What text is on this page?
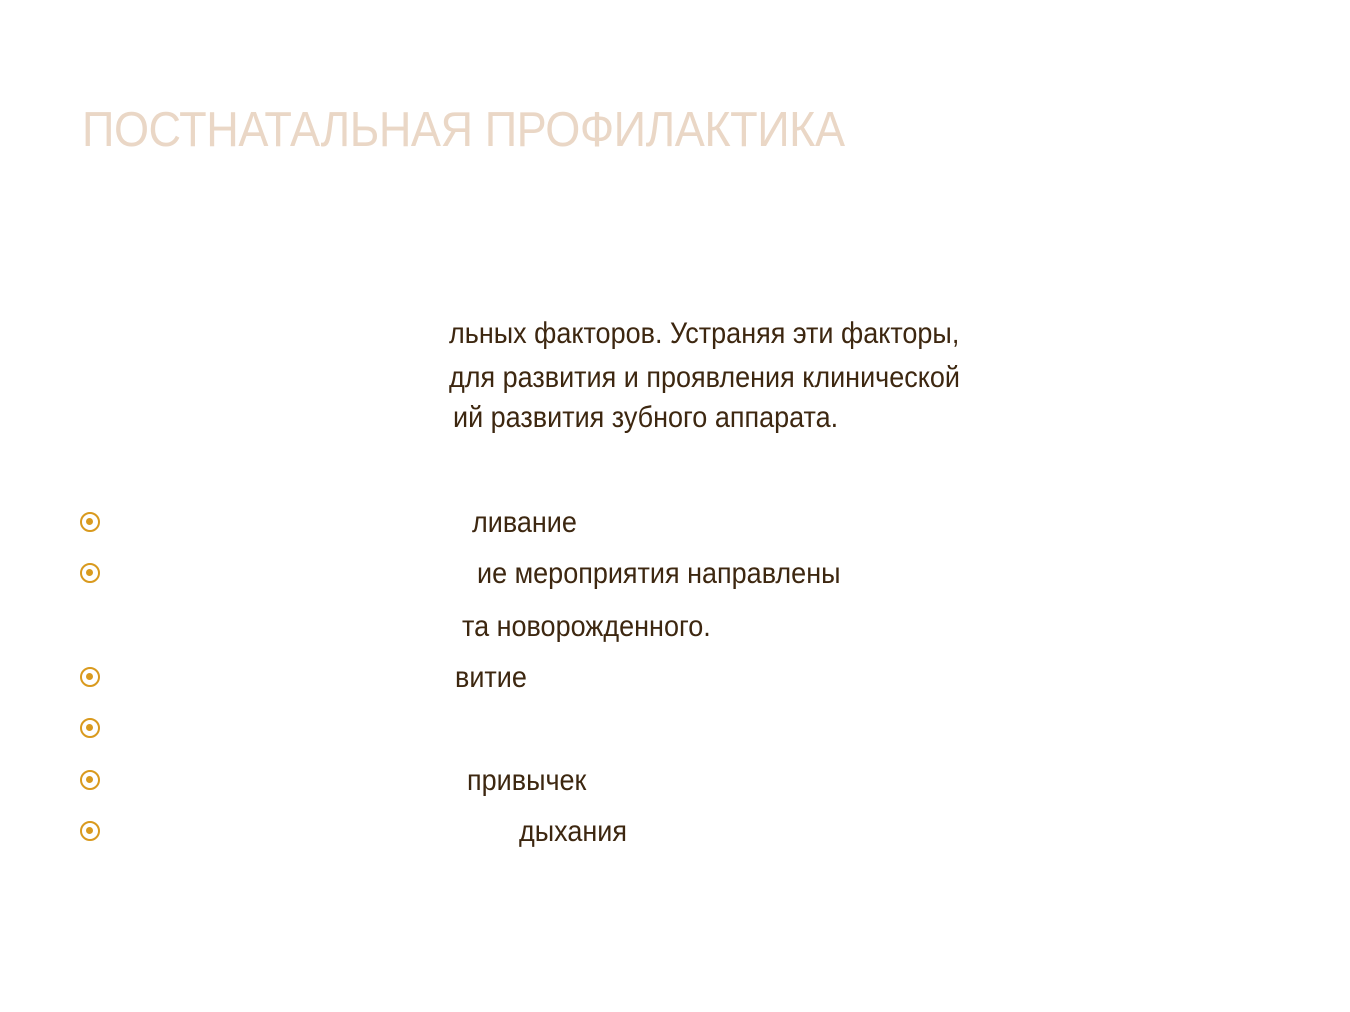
ПОСТНАТАЛЬНАЯ ПРОФИЛАКТИКА
льных факторов. Устраняя эти факторы,
для развития и проявления клинической
ий развития зубного аппарата.
ливание
ие мероприятия направлены
та новорожденного.
витие
привычек
дыхания
